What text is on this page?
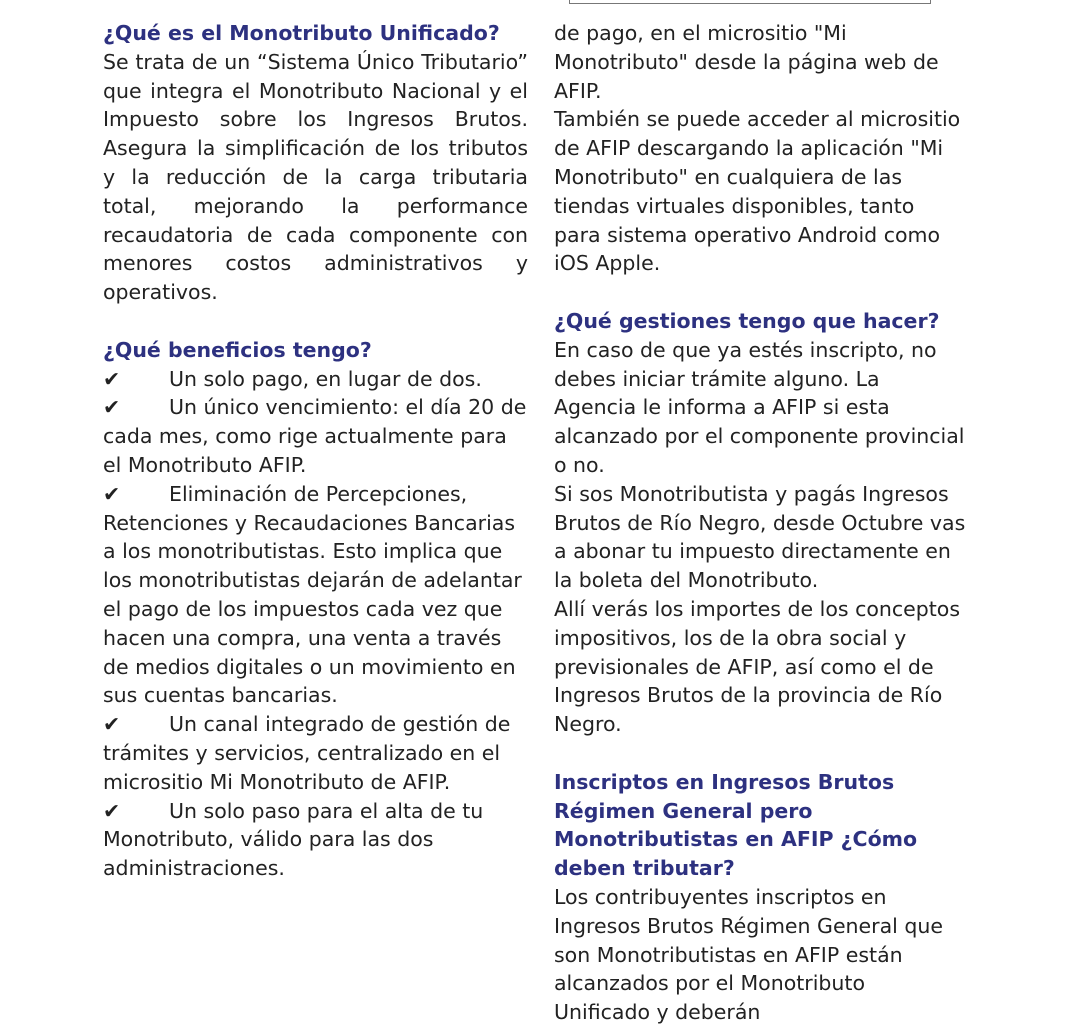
¿Qué es el Monotributo Unificado?

Se trata de un “Sistema Único Tributario” que integra el Monotributo Nacional y el Impuesto sobre los Ingresos Brutos. Asegura la simplificación de los tributos y la reducción de la carga tributaria total, mejorando la performance recaudatoria de cada componente con menores costos administrativos y operativos.

¿Qué beneficios tengo?

✔ Un solo pago, en lugar de dos.

✔ Un único vencimiento: el día 20 de cada mes, como rige actualmente para el Monotributo AFIP.

✔ Eliminación de Percepciones, Retenciones y Recaudaciones Bancarias a los monotributistas. Esto implica que los monotributistas dejarán de adelantar el pago de los impuestos cada vez que hacen una compra, una venta a través de medios digitales o un movimiento en sus cuentas bancarias.

✔ Un canal integrado de gestión de trámites y servicios, centralizado en el micrositio Mi Monotributo de AFIP.

✔ Un solo paso para el alta de tu Monotributo, válido para las dos administraciones.

de pago, en el micrositio "Mi Monotributo" desde la página web de AFIP.

También se puede acceder al micrositio de AFIP descargando la aplicación "Mi Monotributo" en cualquiera de las tiendas virtuales disponibles, tanto para sistema operativo Android como iOS Apple.

¿Qué gestiones tengo que hacer?

En caso de que ya estés inscripto, no debes iniciar trámite alguno. La Agencia le informa a AFIP si esta alcanzado por el componente provincial o no.

Si sos Monotributista y pagás Ingresos Brutos de Río Negro, desde Octubre vas a abonar tu impuesto directamente en la boleta del Monotributo.

Allí verás los importes de los conceptos impositivos, los de la obra social y previsionales de AFIP, así como el de Ingresos Brutos de la provincia de Río Negro.

Inscriptos en Ingresos Brutos Régimen General pero Monotributistas en AFIP ¿Cómo deben tributar?

Los contribuyentes inscriptos en Ingresos Brutos Régimen General que son Monotributistas en AFIP están alcanzados por el Monotributo Unificado y deberán
